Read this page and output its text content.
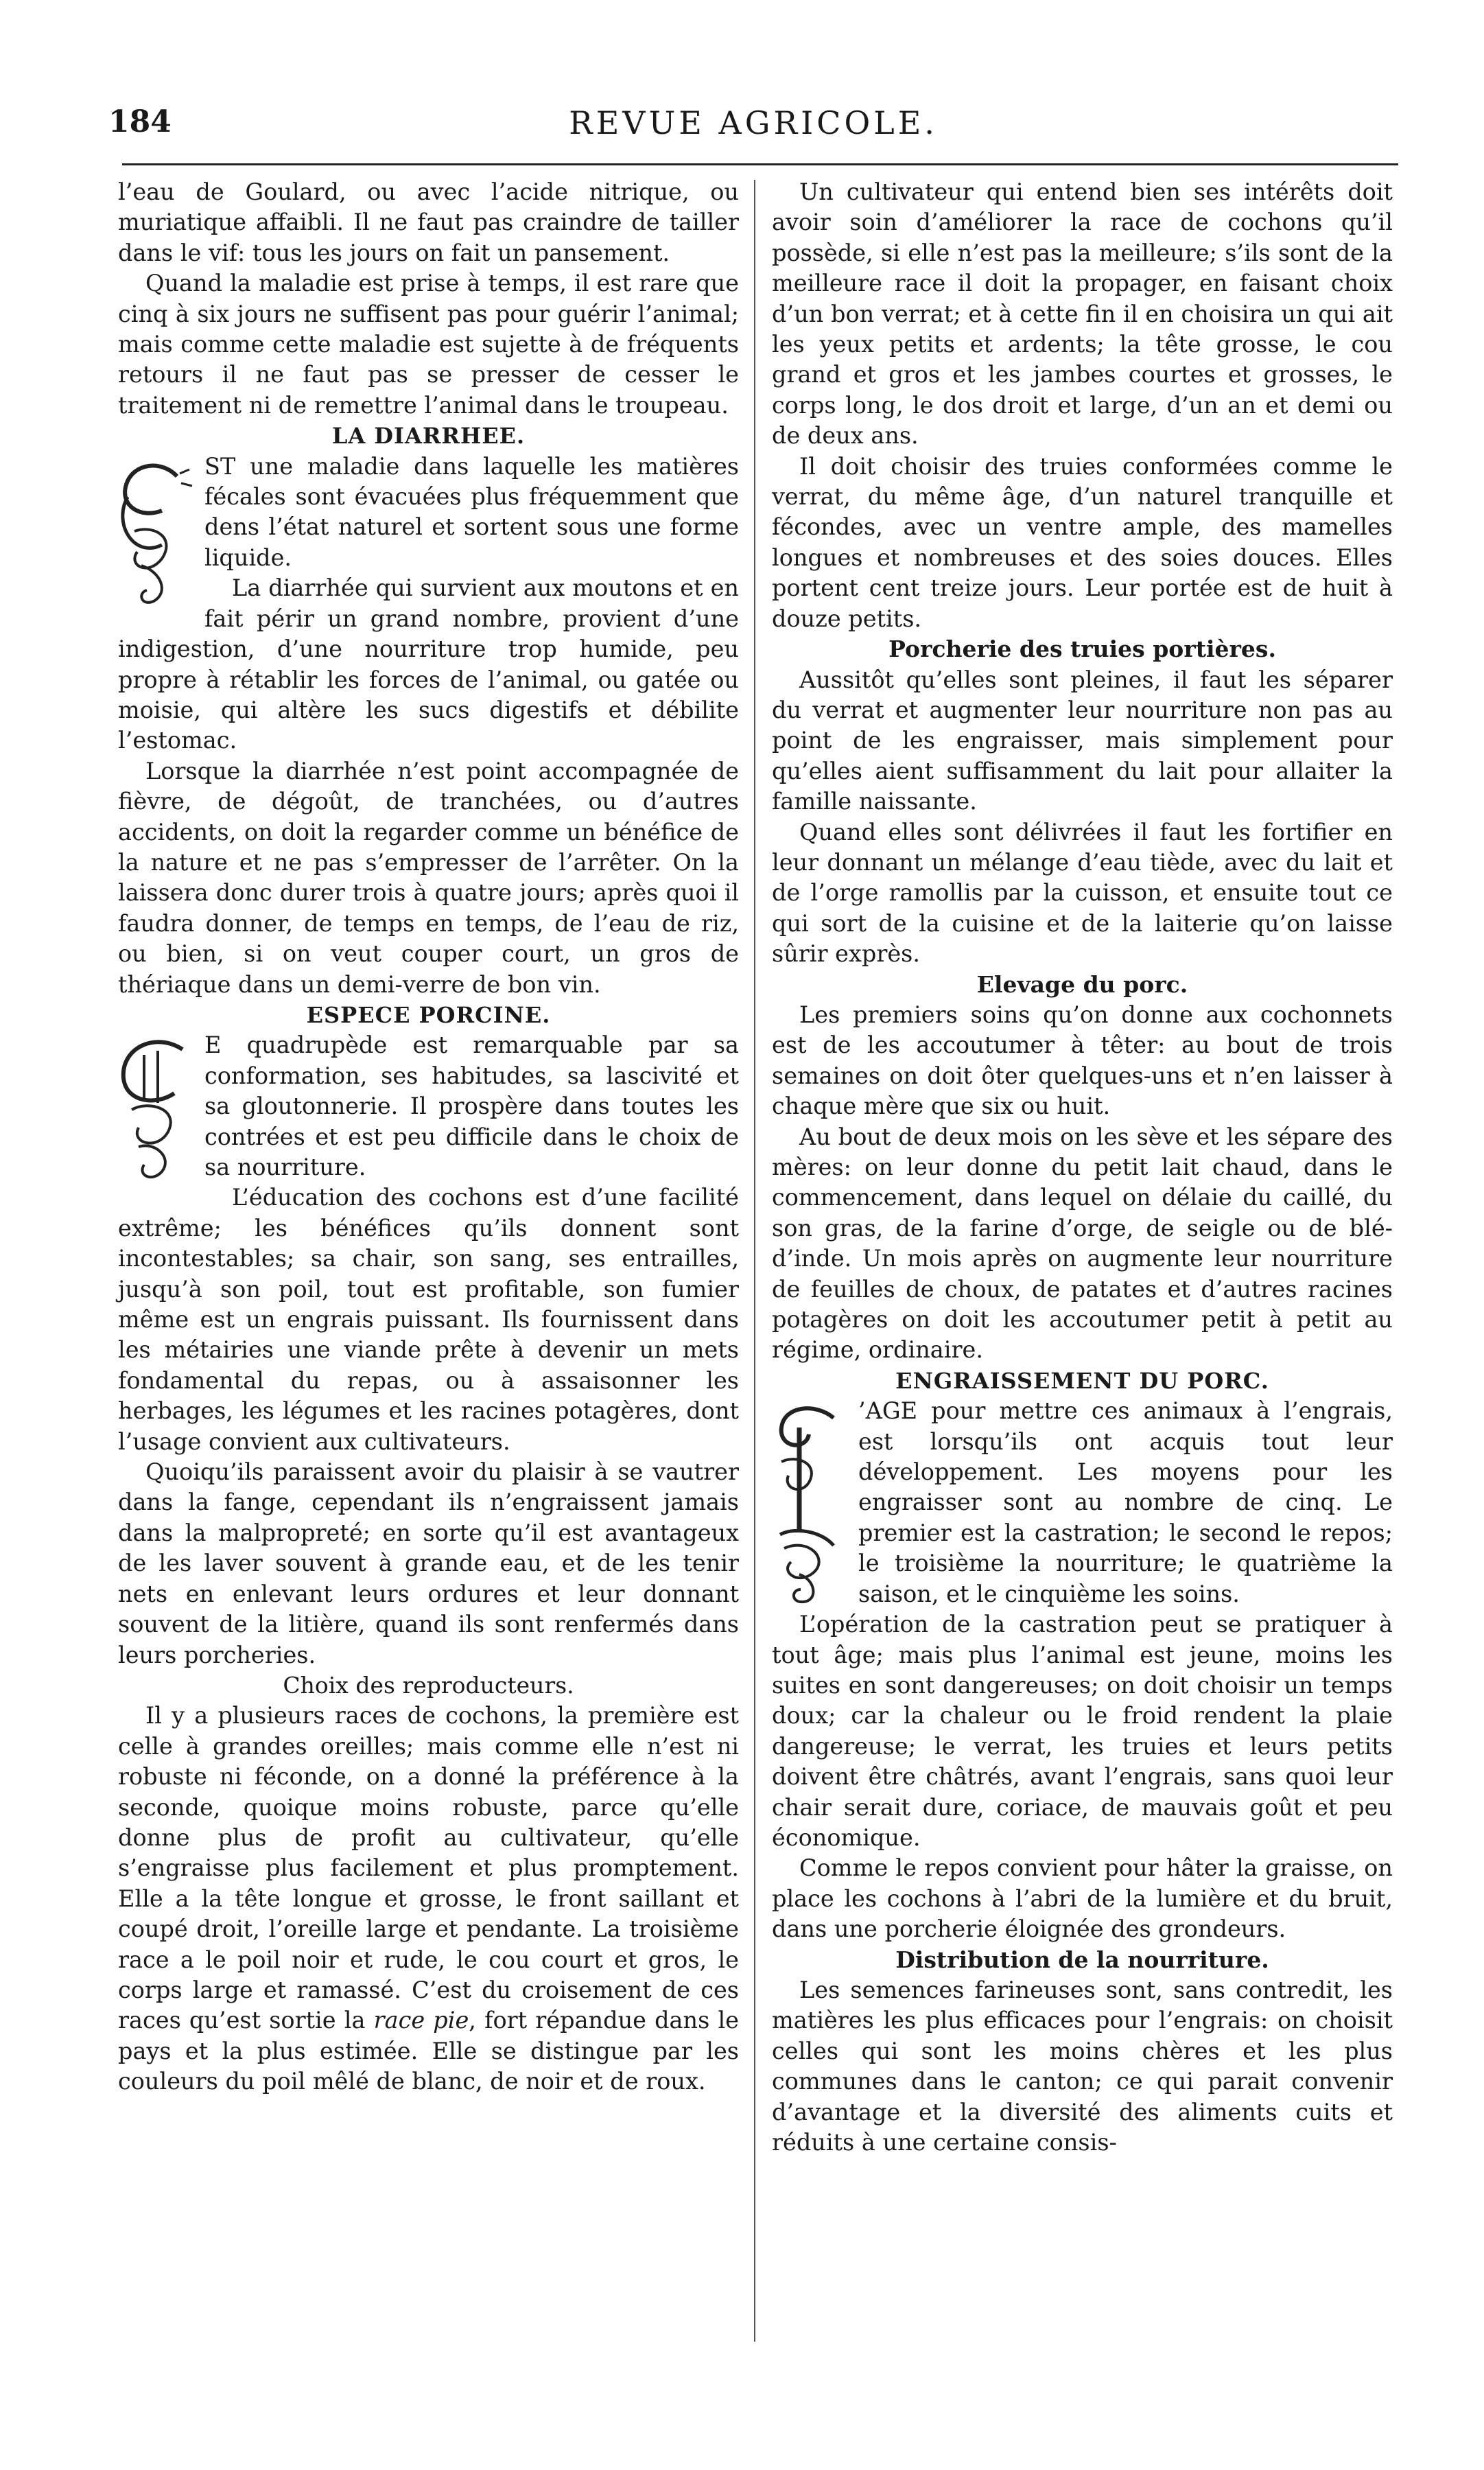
184	REVUE AGRICOLE.

l’eau de Goulard, ou avec l’acide nitrique, ou muriatique affaibli. Il ne faut pas craindre de tailler dans le vif: tous les jours on fait un pansement.

Quand la maladie est prise à temps, il est rare que cinq à six jours ne suffisent pas pour guérir l’animal; mais comme cette maladie est sujette à de fréquents retours il ne faut pas se presser de cesser le traitement ni de remettre l’animal dans le troupeau.

LA DIARRHEE.

ST une maladie dans laquelle les matières fécales sont évacuées plus fréquemment que dens l’état naturel et sortent sous une forme liquide.

La diarrhée qui survient aux moutons et en fait périr un grand nombre, provient d’une indigestion, d’une nourriture trop humide, peu propre à rétablir les forces de l’animal, ou gatée ou moisie, qui altère les sucs digestifs et débilite l’estomac.

Lorsque la diarrhée n’est point accompagnée de fièvre, de dégoût, de tranchées, ou d’autres accidents, on doit la regarder comme un bénéfice de la nature et ne pas s’empresser de l’arrêter. On la laissera donc durer trois à quatre jours; après quoi il faudra donner, de temps en temps, de l’eau de riz, ou bien, si on veut couper court, un gros de thériaque dans un demi-verre de bon vin.

ESPECE PORCINE.

E quadrupède est remarquable par sa conformation, ses habitudes, sa lascivité et sa gloutonnerie. Il prospère dans toutes les contrées et est peu difficile dans le choix de sa nourriture.

L’éducation des cochons est d’une facilité extrême; les bénéfices qu’ils donnent sont incontestables; sa chair, son sang, ses entrailles, jusqu’à son poil, tout est profitable, son fumier même est un engrais puissant. Ils fournissent dans les métairies une viande prête à devenir un mets fondamental du repas, ou à assaisonner les herbages, les légumes et les racines potagères, dont l’usage convient aux cultivateurs.

Quoiqu’ils paraissent avoir du plaisir à se vautrer dans la fange, cependant ils n’engraissent jamais dans la malpropreté; en sorte qu’il est avantageux de les laver souvent à grande eau, et de les tenir nets en enlevant leurs ordures et leur donnant souvent de la litière, quand ils sont renfermés dans leurs porcheries.

Choix des reproducteurs.

Il y a plusieurs races de cochons, la première est celle à grandes oreilles; mais comme elle n’est ni robuste ni féconde, on a donné la préférence à la seconde, quoique moins robuste, parce qu’elle donne plus de profit au cultivateur, qu’elle s’engraisse plus facilement et plus promptement. Elle a la tête longue et grosse, le front saillant et coupé droit, l’oreille large et pendante. La troisième race a le poil noir et rude, le cou court et gros, le corps large et ramassé. C’est du croisement de ces races qu’est sortie la race pie, fort répandue dans le pays et la plus estimée. Elle se distingue par les couleurs du poil mêlé de blanc, de noir et de roux.

Un cultivateur qui entend bien ses intérêts doit avoir soin d’améliorer la race de cochons qu’il possède, si elle n’est pas la meilleure; s’ils sont de la meilleure race il doit la propager, en faisant choix d’un bon verrat; et à cette fin il en choisira un qui ait les yeux petits et ardents; la tête grosse, le cou grand et gros et les jambes courtes et grosses, le corps long, le dos droit et large, d’un an et demi ou de deux ans.

Il doit choisir des truies conformées comme le verrat, du même âge, d’un naturel tranquille et fécondes, avec un ventre ample, des mamelles longues et nombreuses et des soies douces. Elles portent cent treize jours. Leur portée est de huit à douze petits.

Porcherie des truies portières.

Aussitôt qu’elles sont pleines, il faut les séparer du verrat et augmenter leur nourriture non pas au point de les engraisser, mais simplement pour qu’elles aient suffisamment du lait pour allaiter la famille naissante.

Quand elles sont délivrées il faut les fortifier en leur donnant un mélange d’eau tiède, avec du lait et de l’orge ramollis par la cuisson, et ensuite tout ce qui sort de la cuisine et de la laiterie qu’on laisse sûrir exprès.

Elevage du porc.

Les premiers soins qu’on donne aux cochonnets est de les accoutumer à têter: au bout de trois semaines on doit ôter quelques-uns et n’en laisser à chaque mère que six ou huit.

Au bout de deux mois on les sève et les sépare des mères: on leur donne du petit lait chaud, dans le commencement, dans lequel on délaie du caillé, du son gras, de la farine d’orge, de seigle ou de blé-d’inde. Un mois après on augmente leur nourriture de feuilles de choux, de patates et d’autres racines potagères on doit les accoutumer petit à petit au régime, ordinaire.

ENGRAISSEMENT DU PORC.

’AGE pour mettre ces animaux à l’engrais, est lorsqu’ils ont acquis tout leur développement. Les moyens pour les engraisser sont au nombre de cinq. Le premier est la castration; le second le repos; le troisième la nourriture; le quatrième la saison, et le cinquième les soins.

L’opération de la castration peut se pratiquer à tout âge; mais plus l’animal est jeune, moins les suites en sont dangereuses; on doit choisir un temps doux; car la chaleur ou le froid rendent la plaie dangereuse; le verrat, les truies et leurs petits doivent être châtrés, avant l’engrais, sans quoi leur chair serait dure, coriace, de mauvais goût et peu économique.

Comme le repos convient pour hâter la graisse, on place les cochons à l’abri de la lumière et du bruit, dans une porcherie éloignée des grondeurs.

Distribution de la nourriture.

Les semences farineuses sont, sans contredit, les matières les plus efficaces pour l’engrais: on choisit celles qui sont les moins chères et les plus communes dans le canton; ce qui parait convenir d’avantage et la diversité des aliments cuits et réduits à une certaine consis-
